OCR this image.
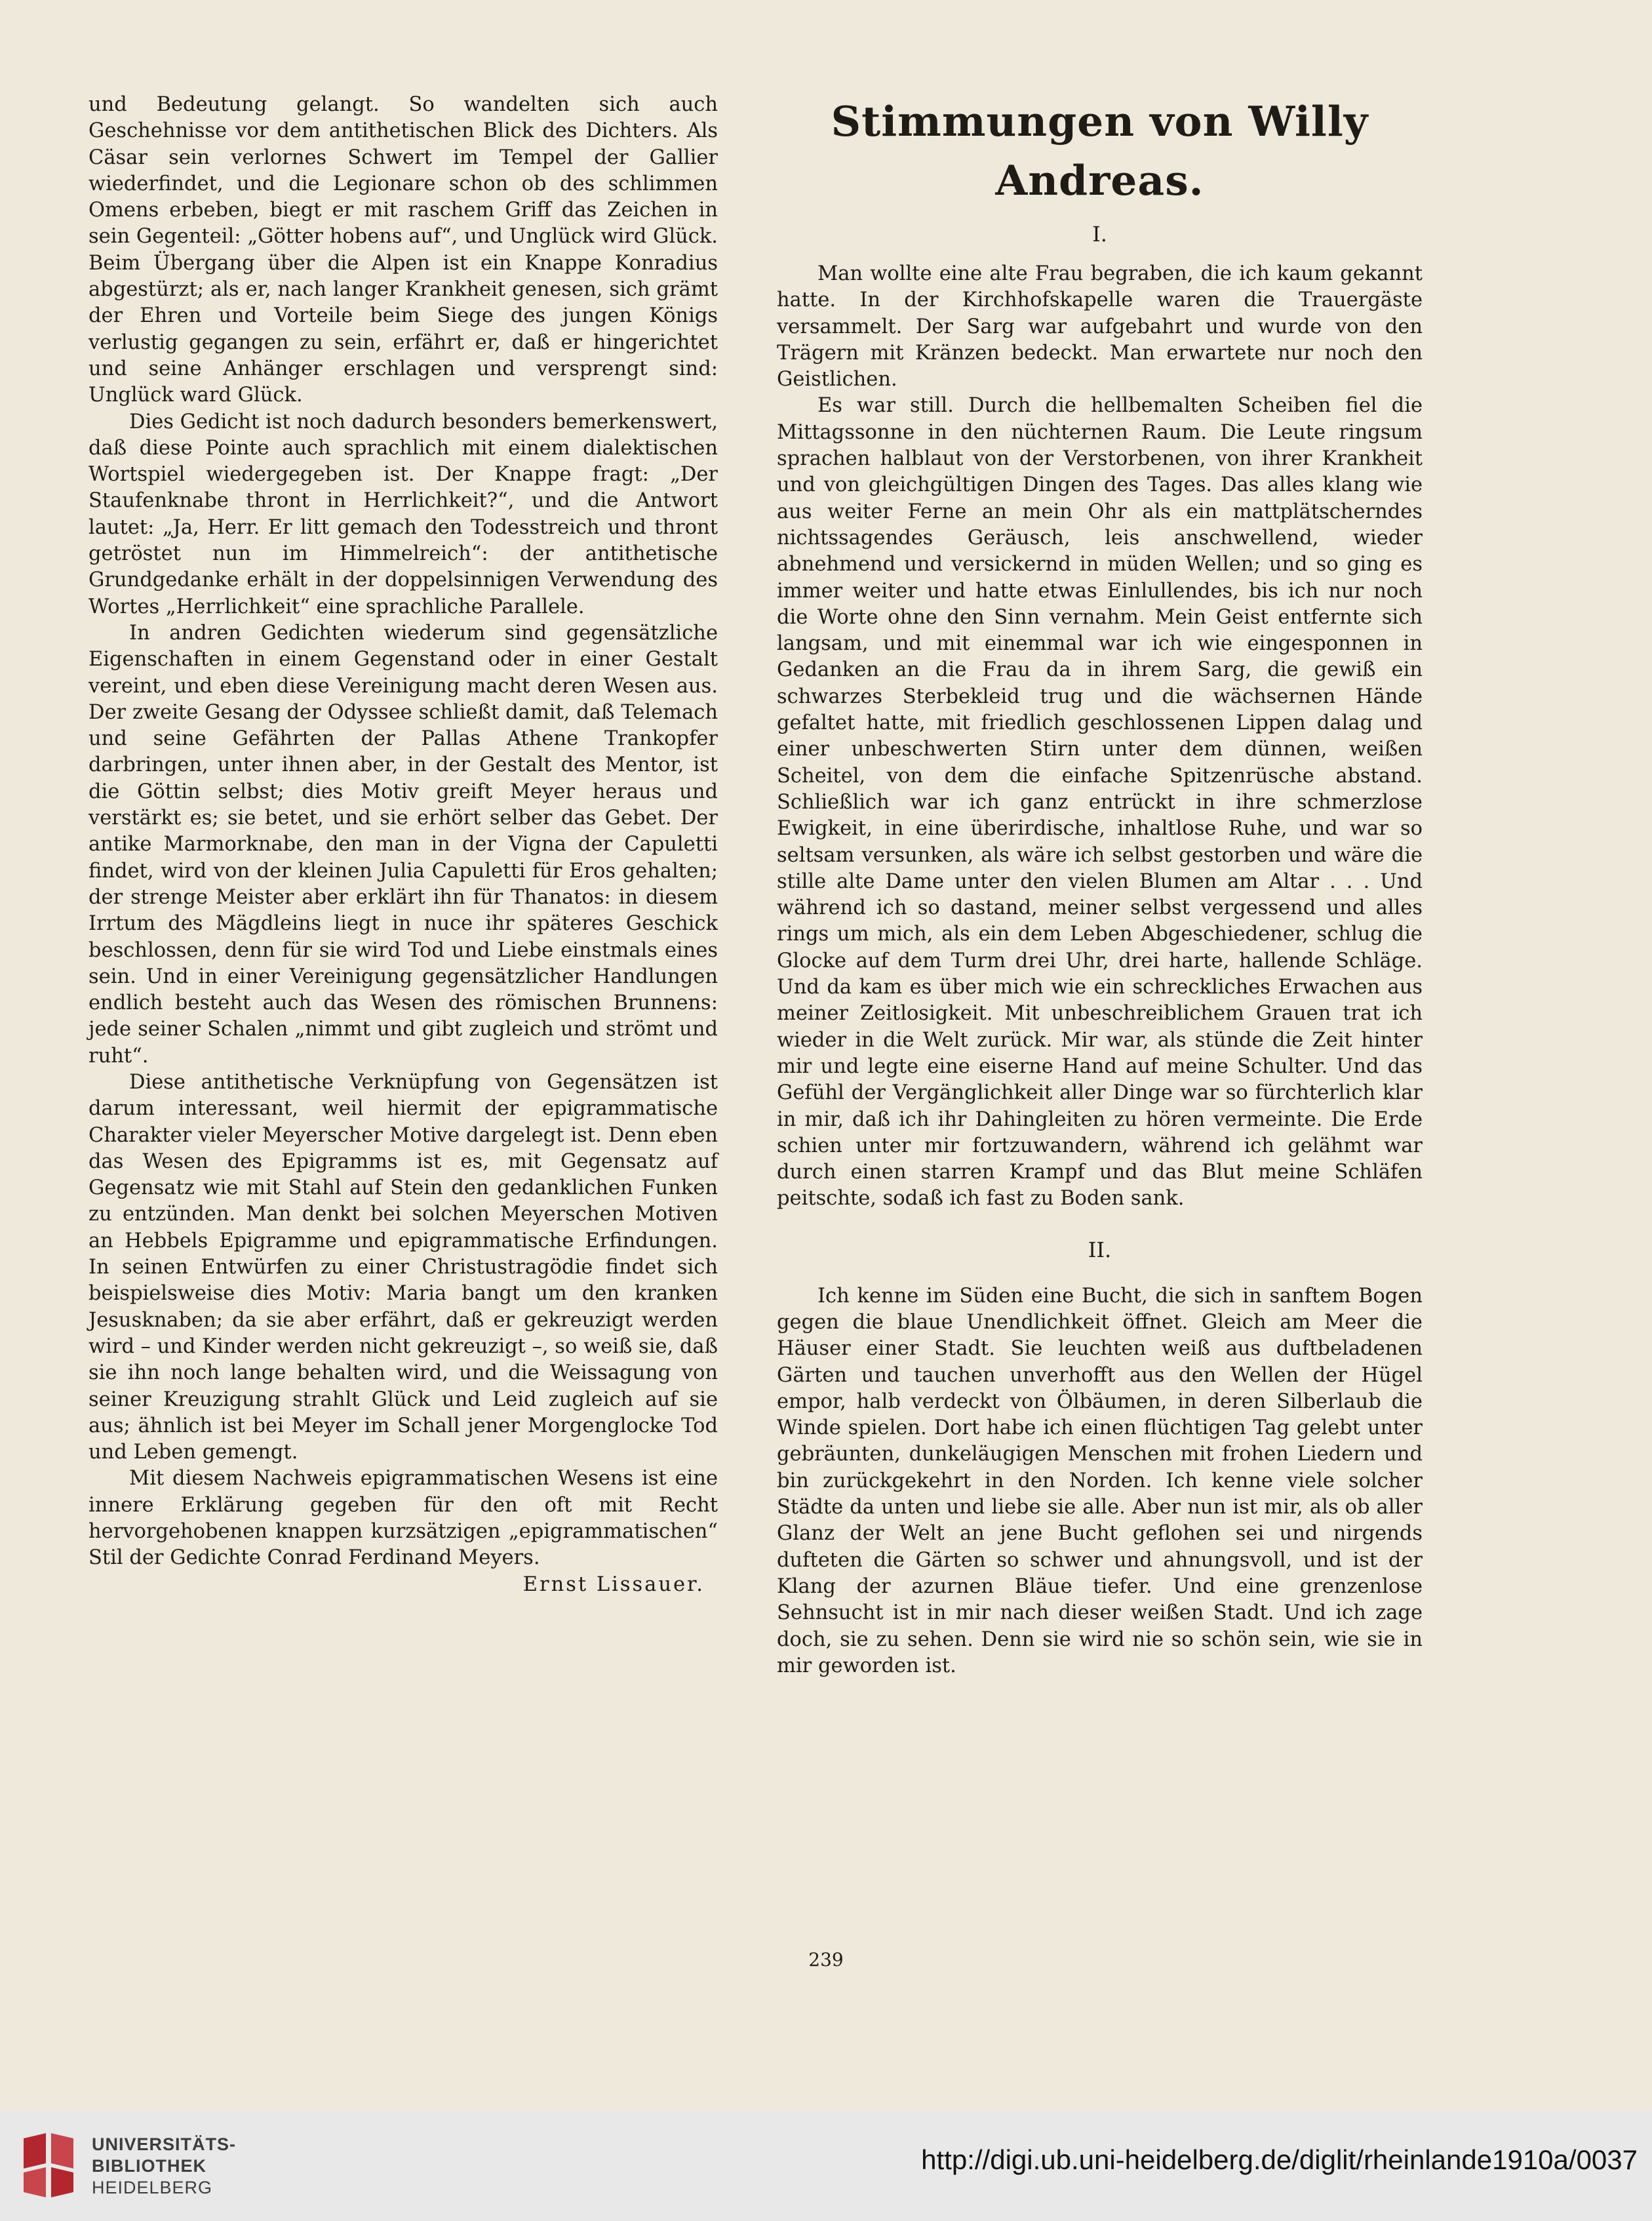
und Bedeutung gelangt. So wandelten sich auch Geschehnisse vor dem antithetischen Blick des Dichters. Als Cäsar sein verlornes Schwert im Tempel der Gallier wiederfindet, und die Legionare schon ob des schlimmen Omens erbeben, biegt er mit raschem Griff das Zeichen in sein Gegenteil: „Götter hobens auf“, und Unglück wird Glück. Beim Übergang über die Alpen ist ein Knappe Konradius abgestürzt; als er, nach langer Krankheit genesen, sich grämt der Ehren und Vorteile beim Siege des jungen Königs verlustig gegangen zu sein, erfährt er, daß er hingerichtet und seine Anhänger erschlagen und versprengt sind: Unglück ward Glück.

Dies Gedicht ist noch dadurch besonders bemerkenswert, daß diese Pointe auch sprachlich mit einem dialektischen Wortspiel wiedergegeben ist. Der Knappe fragt: „Der Staufenknabe thront in Herrlichkeit?“, und die Antwort lautet: „Ja, Herr. Er litt gemach den Todesstreich und thront getröstet nun im Himmelreich“: der antithetische Grundgedanke erhält in der doppelsinnigen Verwendung des Wortes „Herrlichkeit“ eine sprachliche Parallele.

In andren Gedichten wiederum sind gegensätzliche Eigenschaften in einem Gegenstand oder in einer Gestalt vereint, und eben diese Vereinigung macht deren Wesen aus. Der zweite Gesang der Odyssee schließt damit, daß Telemach und seine Gefährten der Pallas Athene Trankopfer darbringen, unter ihnen aber, in der Gestalt des Mentor, ist die Göttin selbst; dies Motiv greift Meyer heraus und verstärkt es; sie betet, und sie erhört selber das Gebet. Der antike Marmorknabe, den man in der Vigna der Capuletti findet, wird von der kleinen Julia Capuletti für Eros gehalten; der strenge Meister aber erklärt ihn für Thanatos: in diesem Irrtum des Mägdleins liegt in nuce ihr späteres Geschick beschlossen, denn für sie wird Tod und Liebe einstmals eines sein. Und in einer Vereinigung gegensätzlicher Handlungen endlich besteht auch das Wesen des römischen Brunnens: jede seiner Schalen „nimmt und gibt zugleich und strömt und ruht“.

Diese antithetische Verknüpfung von Gegensätzen ist darum interessant, weil hiermit der epigrammatische Charakter vieler Meyerscher Motive dargelegt ist. Denn eben das Wesen des Epigramms ist es, mit Gegensatz auf Gegensatz wie mit Stahl auf Stein den gedanklichen Funken zu entzünden. Man denkt bei solchen Meyerschen Motiven an Hebbels Epigramme und epigrammatische Erfindungen. In seinen Entwürfen zu einer Christustragödie findet sich beispielsweise dies Motiv: Maria bangt um den kranken Jesusknaben; da sie aber erfährt, daß er gekreuzigt werden wird – und Kinder werden nicht gekreuzigt –, so weiß sie, daß sie ihn noch lange behalten wird, und die Weissagung von seiner Kreuzigung strahlt Glück und Leid zugleich auf sie aus; ähnlich ist bei Meyer im Schall jener Morgenglocke Tod und Leben gemengt.

Mit diesem Nachweis epigrammatischen Wesens ist eine innere Erklärung gegeben für den oft mit Recht hervorgehobenen knappen kurzsätzigen „epigrammatischen“ Stil der Gedichte Conrad Ferdinand Meyers.

Ernst Lissauer.

Stimmungen von Willy Andreas.

I.

Man wollte eine alte Frau begraben, die ich kaum gekannt hatte. In der Kirchhofskapelle waren die Trauergäste versammelt. Der Sarg war aufgebahrt und wurde von den Trägern mit Kränzen bedeckt. Man erwartete nur noch den Geistlichen.

Es war still. Durch die hellbemalten Scheiben fiel die Mittagssonne in den nüchternen Raum. Die Leute ringsum sprachen halblaut von der Verstorbenen, von ihrer Krankheit und von gleichgültigen Dingen des Tages. Das alles klang wie aus weiter Ferne an mein Ohr als ein mattplätscherndes nichtssagendes Geräusch, leis anschwellend, wieder abnehmend und versickernd in müden Wellen; und so ging es immer weiter und hatte etwas Einlullendes, bis ich nur noch die Worte ohne den Sinn vernahm. Mein Geist entfernte sich langsam, und mit einemmal war ich wie eingesponnen in Gedanken an die Frau da in ihrem Sarg, die gewiß ein schwarzes Sterbekleid trug und die wächsernen Hände gefaltet hatte, mit friedlich geschlossenen Lippen dalag und einer unbeschwerten Stirn unter dem dünnen, weißen Scheitel, von dem die einfache Spitzenrüsche abstand. Schließlich war ich ganz entrückt in ihre schmerzlose Ewigkeit, in eine überirdische, inhaltlose Ruhe, und war so seltsam versunken, als wäre ich selbst gestorben und wäre die stille alte Dame unter den vielen Blumen am Altar . . . Und während ich so dastand, meiner selbst vergessend und alles rings um mich, als ein dem Leben Abgeschiedener, schlug die Glocke auf dem Turm drei Uhr, drei harte, hallende Schläge. Und da kam es über mich wie ein schreckliches Erwachen aus meiner Zeitlosigkeit. Mit unbeschreiblichem Grauen trat ich wieder in die Welt zurück. Mir war, als stünde die Zeit hinter mir und legte eine eiserne Hand auf meine Schulter. Und das Gefühl der Vergänglichkeit aller Dinge war so fürchterlich klar in mir, daß ich ihr Dahingleiten zu hören vermeinte. Die Erde schien unter mir fortzuwandern, während ich gelähmt war durch einen starren Krampf und das Blut meine Schläfen peitschte, sodaß ich fast zu Boden sank.

II.

Ich kenne im Süden eine Bucht, die sich in sanftem Bogen gegen die blaue Unendlichkeit öffnet. Gleich am Meer die Häuser einer Stadt. Sie leuchten weiß aus duftbeladenen Gärten und tauchen unverhofft aus den Wellen der Hügel empor, halb verdeckt von Ölbäumen, in deren Silberlaub die Winde spielen. Dort habe ich einen flüchtigen Tag gelebt unter gebräunten, dunkeläugigen Menschen mit frohen Liedern und bin zurückgekehrt in den Norden. Ich kenne viele solcher Städte da unten und liebe sie alle. Aber nun ist mir, als ob aller Glanz der Welt an jene Bucht geflohen sei und nirgends dufteten die Gärten so schwer und ahnungsvoll, und ist der Klang der azurnen Bläue tiefer. Und eine grenzenlose Sehnsucht ist in mir nach dieser weißen Stadt. Und ich zage doch, sie zu sehen. Denn sie wird nie so schön sein, wie sie in mir geworden ist.

239
UNIVERSITÄTS-
BIBLIOTHEK
HEIDELBERG
http://digi.ub.uni-heidelberg.de/diglit/rheinlande1910a/0037
